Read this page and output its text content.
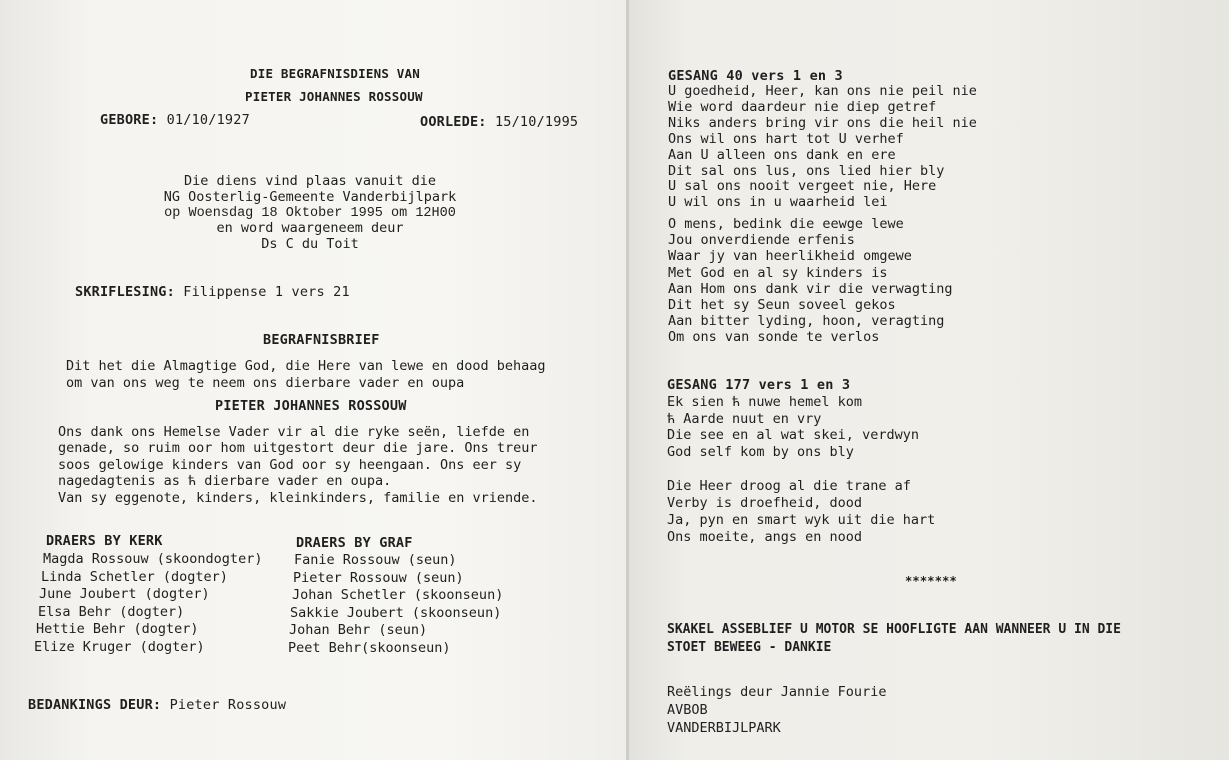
DIE BEGRAFNISDIENS VAN
PIETER JOHANNES ROSSOUW
GEBORE: 01/10/1927	OORLEDE: 15/10/1995
Die diens vind plaas vanuit die
NG Oosterlig-Gemeente Vanderbijlpark
op Woensdag 18 Oktober 1995 om 12H00
en word waargeneem deur
Ds C du Toit
SKRIFLESING: Filippense 1 vers 21
BEGRAFNISBRIEF
Dit het die Almagtige God, die Here van lewe en dood behaag
om van ons weg te neem ons dierbare vader en oupa
PIETER JOHANNES ROSSOUW
Ons dank ons Hemelse Vader vir al die ryke seën, liefde en
genade, so ruim oor hom uitgestort deur die jare. Ons treur
soos gelowige kinders van God oor sy heengaan. Ons eer sy
nagedagtenis as ћ dierbare vader en oupa.
Van sy eggenote, kinders, kleinkinders, familie en vriende.
DRAERS BY KERK
Magda Rossouw (skoondogter)
Linda Schetler (dogter)
June Joubert (dogter)
Elsa Behr (dogter)
Hettie Behr (dogter)
Elize Kruger (dogter)
DRAERS BY GRAF
Fanie Rossouw (seun)
Pieter Rossouw (seun)
Johan Schetler (skoonseun)
Sakkie Joubert (skoonseun)
Johan Behr (seun)
Peet Behr(skoonseun)
BEDANKINGS DEUR: Pieter Rossouw
GESANG 40 vers 1 en 3
U goedheid, Heer, kan ons nie peil nie
Wie word daardeur nie diep getref
Niks anders bring vir ons die heil nie
Ons wil ons hart tot U verhef
Aan U alleen ons dank en ere
Dit sal ons lus, ons lied hier bly
U sal ons nooit vergeet nie, Here
U wil ons in u waarheid lei
O mens, bedink die eewge lewe
Jou onverdiende erfenis
Waar jy van heerlikheid omgewe
Met God en al sy kinders is
Aan Hom ons dank vir die verwagting
Dit het sy Seun soveel gekos
Aan bitter lyding, hoon, veragting
Om ons van sonde te verlos
GESANG 177 vers 1 en 3
Ek sien ћ nuwe hemel kom
ћ Aarde nuut en vry
Die see en al wat skei, verdwyn
God self kom by ons bly
Die Heer droog al die trane af
Verby is droefheid, dood
Ja, pyn en smart wyk uit die hart
Ons moeite, angs en nood
*******
SKAKEL ASSEBLIEF U MOTOR SE HOOFLIGTE AAN WANNEER U IN DIE
STOET BEWEEG - DANKIE
Reëlings deur Jannie Fourie
AVBOB
VANDERBIJLPARK
